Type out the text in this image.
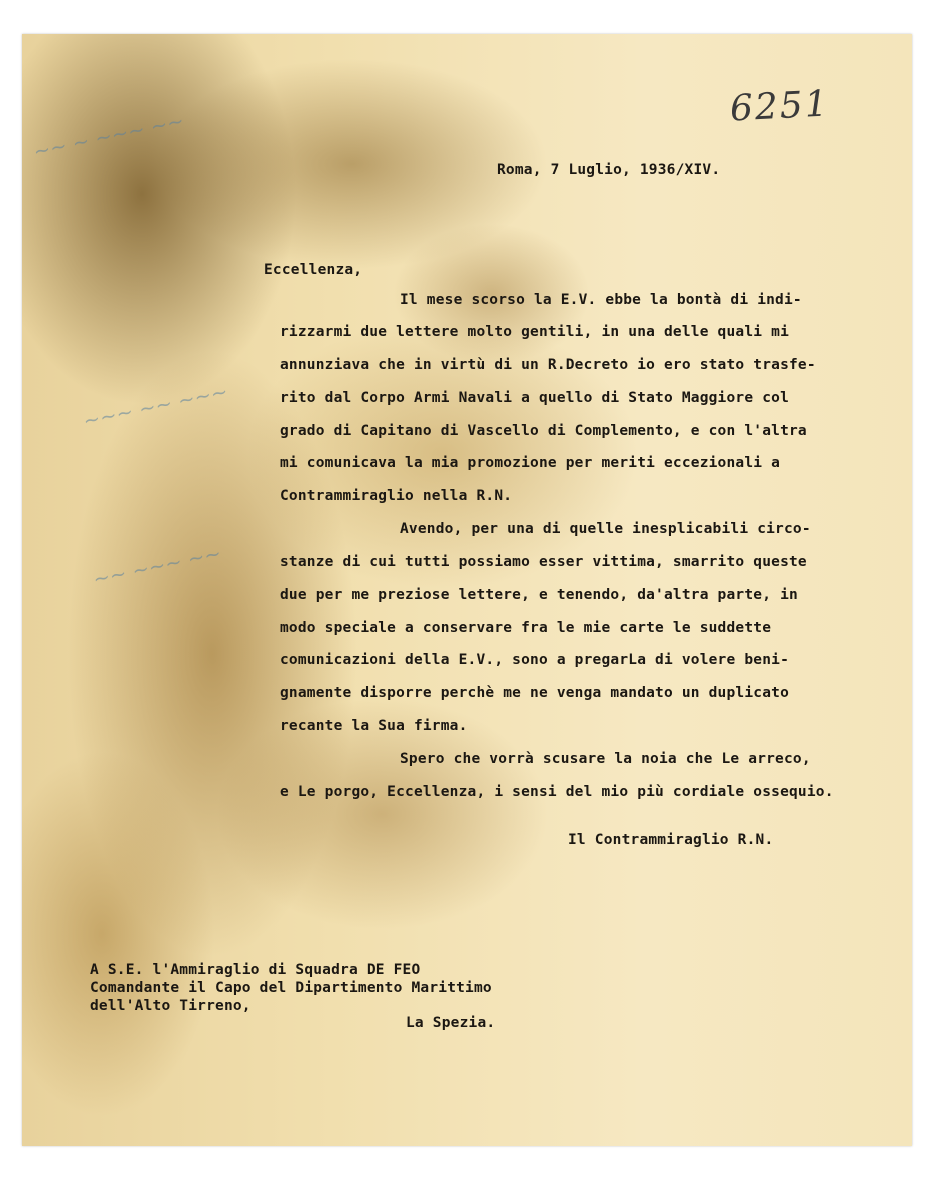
~~ ~ ~~~ ~~
~~~ ~~ ~~~
~~ ~~~ ~~
6251

Roma, 7 Luglio, 1936/XIV.

Eccellenza,

Il mese scorso la E.V. ebbe la bontà di indi-

rizzarmi due lettere molto gentili, in una delle quali mi

annunziava che in virtù di un R.Decreto io ero stato trasfe-

rito dal Corpo Armi Navali a quello di Stato Maggiore col

grado di Capitano di Vascello di Complemento, e con l'altra

mi comunicava la mia promozione per meriti eccezionali a

Contrammiraglio nella R.N.

Avendo, per una di quelle inesplicabili circo-

stanze di cui tutti possiamo esser vittima, smarrito queste

due per me preziose lettere, e tenendo, da'altra parte, in

modo speciale a conservare fra le mie carte le suddette

comunicazioni della E.V., sono a pregarLa di volere beni-

gnamente disporre perchè me ne venga mandato un duplicato

recante la Sua firma.

Spero che vorrà scusare la noia che Le arreco,

e Le porgo, Eccellenza, i sensi del mio più cordiale ossequio.

Il Contrammiraglio R.N.

A S.E. l'Ammiraglio di Squadra DE FEO

Comandante il Capo del Dipartimento Marittimo

dell'Alto Tirreno,

La Spezia.
